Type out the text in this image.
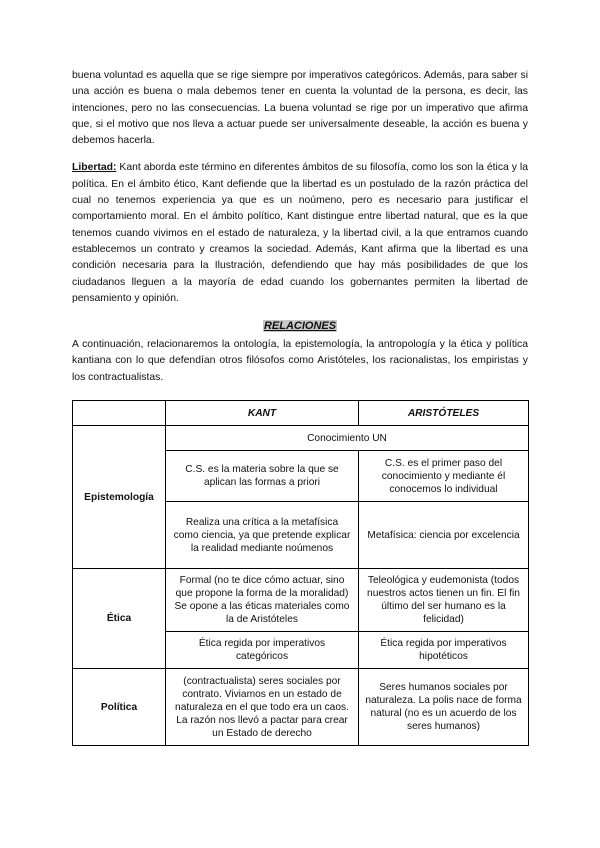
buena voluntad es aquella que se rige siempre por imperativos categóricos. Además, para saber si una acción es buena o mala debemos tener en cuenta la voluntad de la persona, es decir, las intenciones, pero no las consecuencias. La buena voluntad se rige por un imperativo que afirma que, si el motivo que nos lleva a actuar puede ser universalmente deseable, la acción es buena y debemos hacerla.

Libertad: Kant aborda este término en diferentes ámbitos de su filosofía, como los son la ética y la política. En el ámbito ético, Kant defiende que la libertad es un postulado de la razón práctica del cual no tenemos experiencia ya que es un noúmeno, pero es necesario para justificar el comportamiento moral. En el ámbito político, Kant distingue entre libertad natural, que es la que tenemos cuando vivimos en el estado de naturaleza, y la libertad civil, a la que entramos cuando establecemos un contrato y creamos la sociedad. Además, Kant afirma que la libertad es una condición necesaria para la Ilustración, defendiendo que hay más posibilidades de que los ciudadanos lleguen a la mayoría de edad cuando los gobernantes permiten la libertad de pensamiento y opinión.

RELACIONES

A continuación, relacionaremos la ontología, la epistemología, la antropología y la ética y política kantiana con lo que defendían otros filósofos como Aristóteles, los racionalistas, los empiristas y los contractualistas.

	KANT	ARISTÓTELES
Epistemología	Conocimiento UN	
	C.S. es la materia sobre la que se aplican las formas a priori	C.S. es el primer paso del conocimiento y mediante él conocemos lo individual
	Realiza una crítica a la metafísica como ciencia, ya que pretende explicar la realidad mediante noúmenos	Metafísica: ciencia por excelencia
Ética	Formal (no te dice cómo actuar, sino que propone la forma de la moralidad) Se opone a las éticas materiales como la de Aristóteles	Teleológica y eudemonista (todos nuestros actos tienen un fin. El fin último del ser humano es la felicidad)
	Ética regida por imperativos categóricos	Ética regida por imperativos hipotéticos
Política	(contractualista) seres sociales por contrato. Viviamos en un estado de naturaleza en el que todo era un caos. La razón nos llevó a pactar para crear un Estado de derecho	Seres humanos sociales por naturaleza. La polis nace de forma natural (no es un acuerdo de los seres humanos)
